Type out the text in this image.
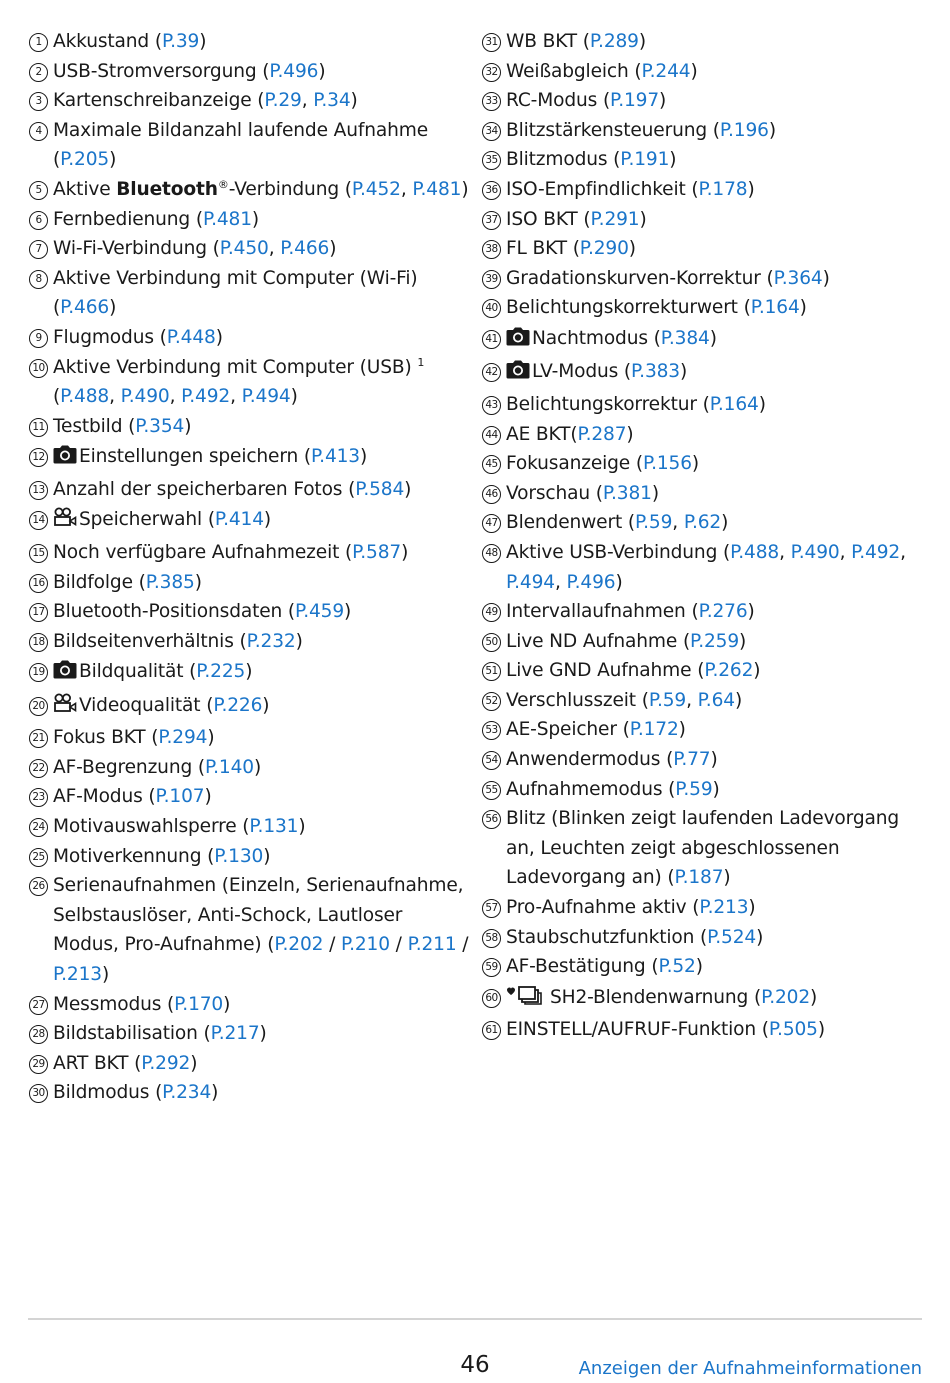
1 Akkustand (P.39)
2 USB-Stromversorgung (P.496)
3 Kartenschreibanzeige (P.29, P.34)
4 Maximale Bildanzahl laufende Aufnahme (P.205)
5 Aktive Bluetooth®-Verbindung (P.452, P.481)
6 Fernbedienung (P.481)
7 Wi-Fi-Verbindung (P.450, P.466)
8 Aktive Verbindung mit Computer (Wi-Fi) (P.466)
9 Flugmodus (P.448)
10 Aktive Verbindung mit Computer (USB) $^1$ (P.488, P.490, P.492, P.494)
11 Testbild (P.354)
12 Einstellungen speichern (P.413)
13 Anzahl der speicherbaren Fotos (P.584)
14 Speicherwahl (P.414)
15 Noch verfügbare Aufnahmezeit (P.587)
16 Bildfolge (P.385)
17 Bluetooth-Positionsdaten (P.459)
18 Bildseitenverhältnis (P.232)
19 Bildqualität (P.225)
20 Videoqualität (P.226)
21 Fokus BKT (P.294)
22 AF-Begrenzung (P.140)
23 AF-Modus (P.107)
24 Motivauswahlsperre (P.131)
25 Motiverkennung (P.130)
26 Serienaufnahmen (Einzeln, Serienaufnahme, Selbstauslöser, Anti-Schock, Lautloser Modus, Pro-Aufnahme) (P.202 / P.210 / P.211 / P.213)
27 Messmodus (P.170)
28 Bildstabilisation (P.217)
29 ART BKT (P.292)
30 Bildmodus (P.234)
31 WB BKT (P.289)
32 Weißabgleich (P.244)
33 RC-Modus (P.197)
34 Blitzstärkensteuerung (P.196)
35 Blitzmodus (P.191)
36 ISO-Empfindlichkeit (P.178)
37 ISO BKT (P.291)
38 FL BKT (P.290)
39 Gradationskurven-Korrektur (P.364)
40 Belichtungskorrekturwert (P.164)
41 Nachtmodus (P.384)
42 LV-Modus (P.383)
43 Belichtungskorrektur (P.164)
44 AE BKT(P.287)
45 Fokusanzeige (P.156)
46 Vorschau (P.381)
47 Blendenwert (P.59, P.62)
48 Aktive USB-Verbindung (P.488, P.490, P.492, P.494, P.496)
49 Intervallaufnahmen (P.276)
50 Live ND Aufnahme (P.259)
51 Live GND Aufnahme (P.262)
52 Verschlusszeit (P.59, P.64)
53 AE-Speicher (P.172)
54 Anwendermodus (P.77)
55 Aufnahmemodus (P.59)
56 Blitz (Blinken zeigt laufenden Ladevorgang an, Leuchten zeigt abgeschlossenen Ladevorgang an) (P.187)
57 Pro-Aufnahme aktiv (P.213)
58 Staubschutzfunktion (P.524)
59 AF-Bestätigung (P.52)
60	SH2-Blendenwarnung (P.202)
61 EINSTELL/AUFRUF-Funktion (P.505)
46	Anzeigen der Aufnahmeinformationen
